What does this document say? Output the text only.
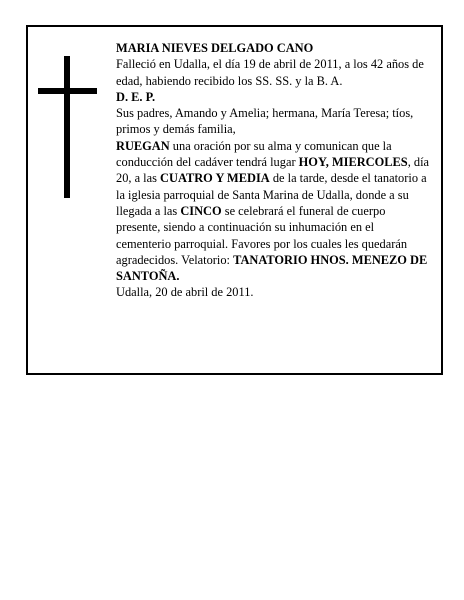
MARIA NIEVES DELGADO CANO

Falleció en Udalla, el día 19 de abril de 2011, a los 42 años de edad, habiendo recibido los SS. SS. y la B. A.

D. E. P.

Sus padres, Amando y Amelia; hermana, María Teresa; tíos, primos y demás familia,

RUEGAN una oración por su alma y comunican que la conducción del cadáver tendrá lugar HOY, MIERCOLES, día 20, a las CUATRO Y MEDIA de la tarde, desde el tanatorio a la iglesia parroquial de Santa Marina de Udalla, donde a su llegada a las CINCO se celebrará el funeral de cuerpo presente, siendo a continuación su inhumación en el cementerio parroquial. Favores por los cuales les quedarán agradecidos. Velatorio: TANATORIO HNOS. MENEZO DE SANTOÑA.

Udalla, 20 de abril de 2011.
